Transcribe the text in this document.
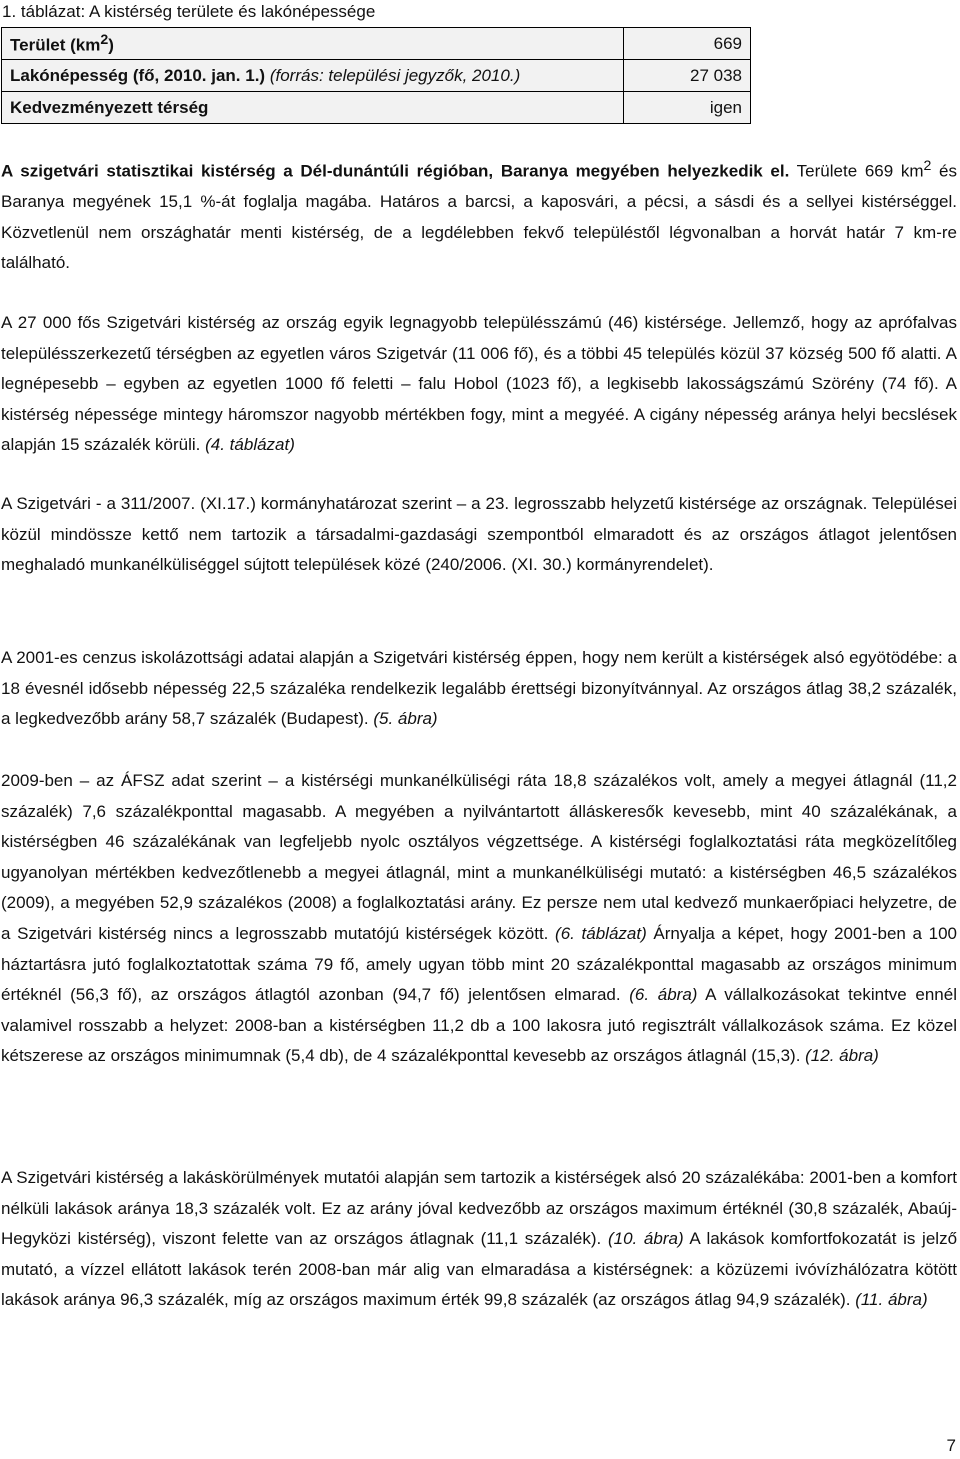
1. táblázat: A kistérség területe és lakónépessége
Terület $(km^2)$	669
Lakónépesség (fő, 2010. jan. 1.) (forrás: települési jegyzők, 2010.)	27 038
Kedvezményezett térség	igen
A szigetvári statisztikai kistérség a Dél-dunántúli régióban, Baranya megyében helyezkedik el. Területe 669 $km^2$ és Baranya megyének 15,1 %-át foglalja magába. Határos a barcsi, a kaposvári, a pécsi, a sásdi és a sellyei kistérséggel. Közvetlenül nem országhatár menti kistérség, de a legdélebben fekvő településtől légvonalban a horvát határ 7 km-re található.
A 27 000 fős Szigetvári kistérség az ország egyik legnagyobb településszámú (46) kistérsége. Jellemző, hogy az aprófalvas településszerkezetű térségben az egyetlen város Szigetvár (11 006 fő), és a többi 45 település közül 37 község 500 fő alatti. A legnépesebb – egyben az egyetlen 1000 fő feletti – falu Hobol (1023 fő), a legkisebb lakosságszámú Szörény (74 fő). A kistérség népessége mintegy háromszor nagyobb mértékben fogy, mint a megyéé. A cigány népesség aránya helyi becslések alapján 15 százalék körüli. (4. táblázat)
A Szigetvári - a 311/2007. (XI.17.) kormányhatározat szerint – a 23. legrosszabb helyzetű kistérsége az országnak. Települései közül mindössze kettő nem tartozik a társadalmi-gazdasági szempontból elmaradott és az országos átlagot jelentősen meghaladó munkanélküliséggel sújtott települések közé (240/2006. (XI. 30.) kormányrendelet).
A 2001-es cenzus iskolázottsági adatai alapján a Szigetvári kistérség éppen, hogy nem került a kistérségek alsó egyötödébe: a 18 évesnél idősebb népesség 22,5 százaléka rendelkezik legalább érettségi bizonyítvánnyal. Az országos átlag 38,2 százalék, a legkedvezőbb arány 58,7 százalék (Budapest). (5. ábra)
2009-ben – az ÁFSZ adat szerint – a kistérségi munkanélküliségi ráta 18,8 százalékos volt, amely a megyei átlagnál (11,2 százalék) 7,6 százalékponttal magasabb. A megyében a nyilvántartott álláskeresők kevesebb, mint 40 százalékának, a kistérségben 46 százalékának van legfeljebb nyolc osztályos végzettsége. A kistérségi foglalkoztatási ráta megközelítőleg ugyanolyan mértékben kedvezőtlenebb a megyei átlagnál, mint a munkanélküliségi mutató: a kistérségben 46,5 százalékos (2009), a megyében 52,9 százalékos (2008) a foglalkoztatási arány. Ez persze nem utal kedvező munkaerőpiaci helyzetre, de a Szigetvári kistérség nincs a legrosszabb mutatójú kistérségek között. (6. táblázat) Árnyalja a képet, hogy 2001-ben a 100 háztartásra jutó foglalkoztatottak száma 79 fő, amely ugyan több mint 20 százalékponttal magasabb az országos minimum értéknél (56,3 fő), az országos átlagtól azonban (94,7 fő) jelentősen elmarad. (6. ábra) A vállalkozásokat tekintve ennél valamivel rosszabb a helyzet: 2008-ban a kistérségben 11,2 db a 100 lakosra jutó regisztrált vállalkozások száma. Ez közel kétszerese az országos minimumnak (5,4 db), de 4 százalékponttal kevesebb az országos átlagnál (15,3). (12. ábra)
A Szigetvári kistérség a lakáskörülmények mutatói alapján sem tartozik a kistérségek alsó 20 százalékába: 2001-ben a komfort nélküli lakások aránya 18,3 százalék volt. Ez az arány jóval kedvezőbb az országos maximum értéknél (30,8 százalék, Abaúj-Hegyközi kistérség), viszont felette van az országos átlagnak (11,1 százalék). (10. ábra) A lakások komfortfokozatát is jelző mutató, a vízzel ellátott lakások terén 2008-ban már alig van elmaradása a kistérségnek: a közüzemi ivóvízhálózatra kötött lakások aránya 96,3 százalék, míg az országos maximum érték 99,8 százalék (az országos átlag 94,9 százalék). (11. ábra)
7
